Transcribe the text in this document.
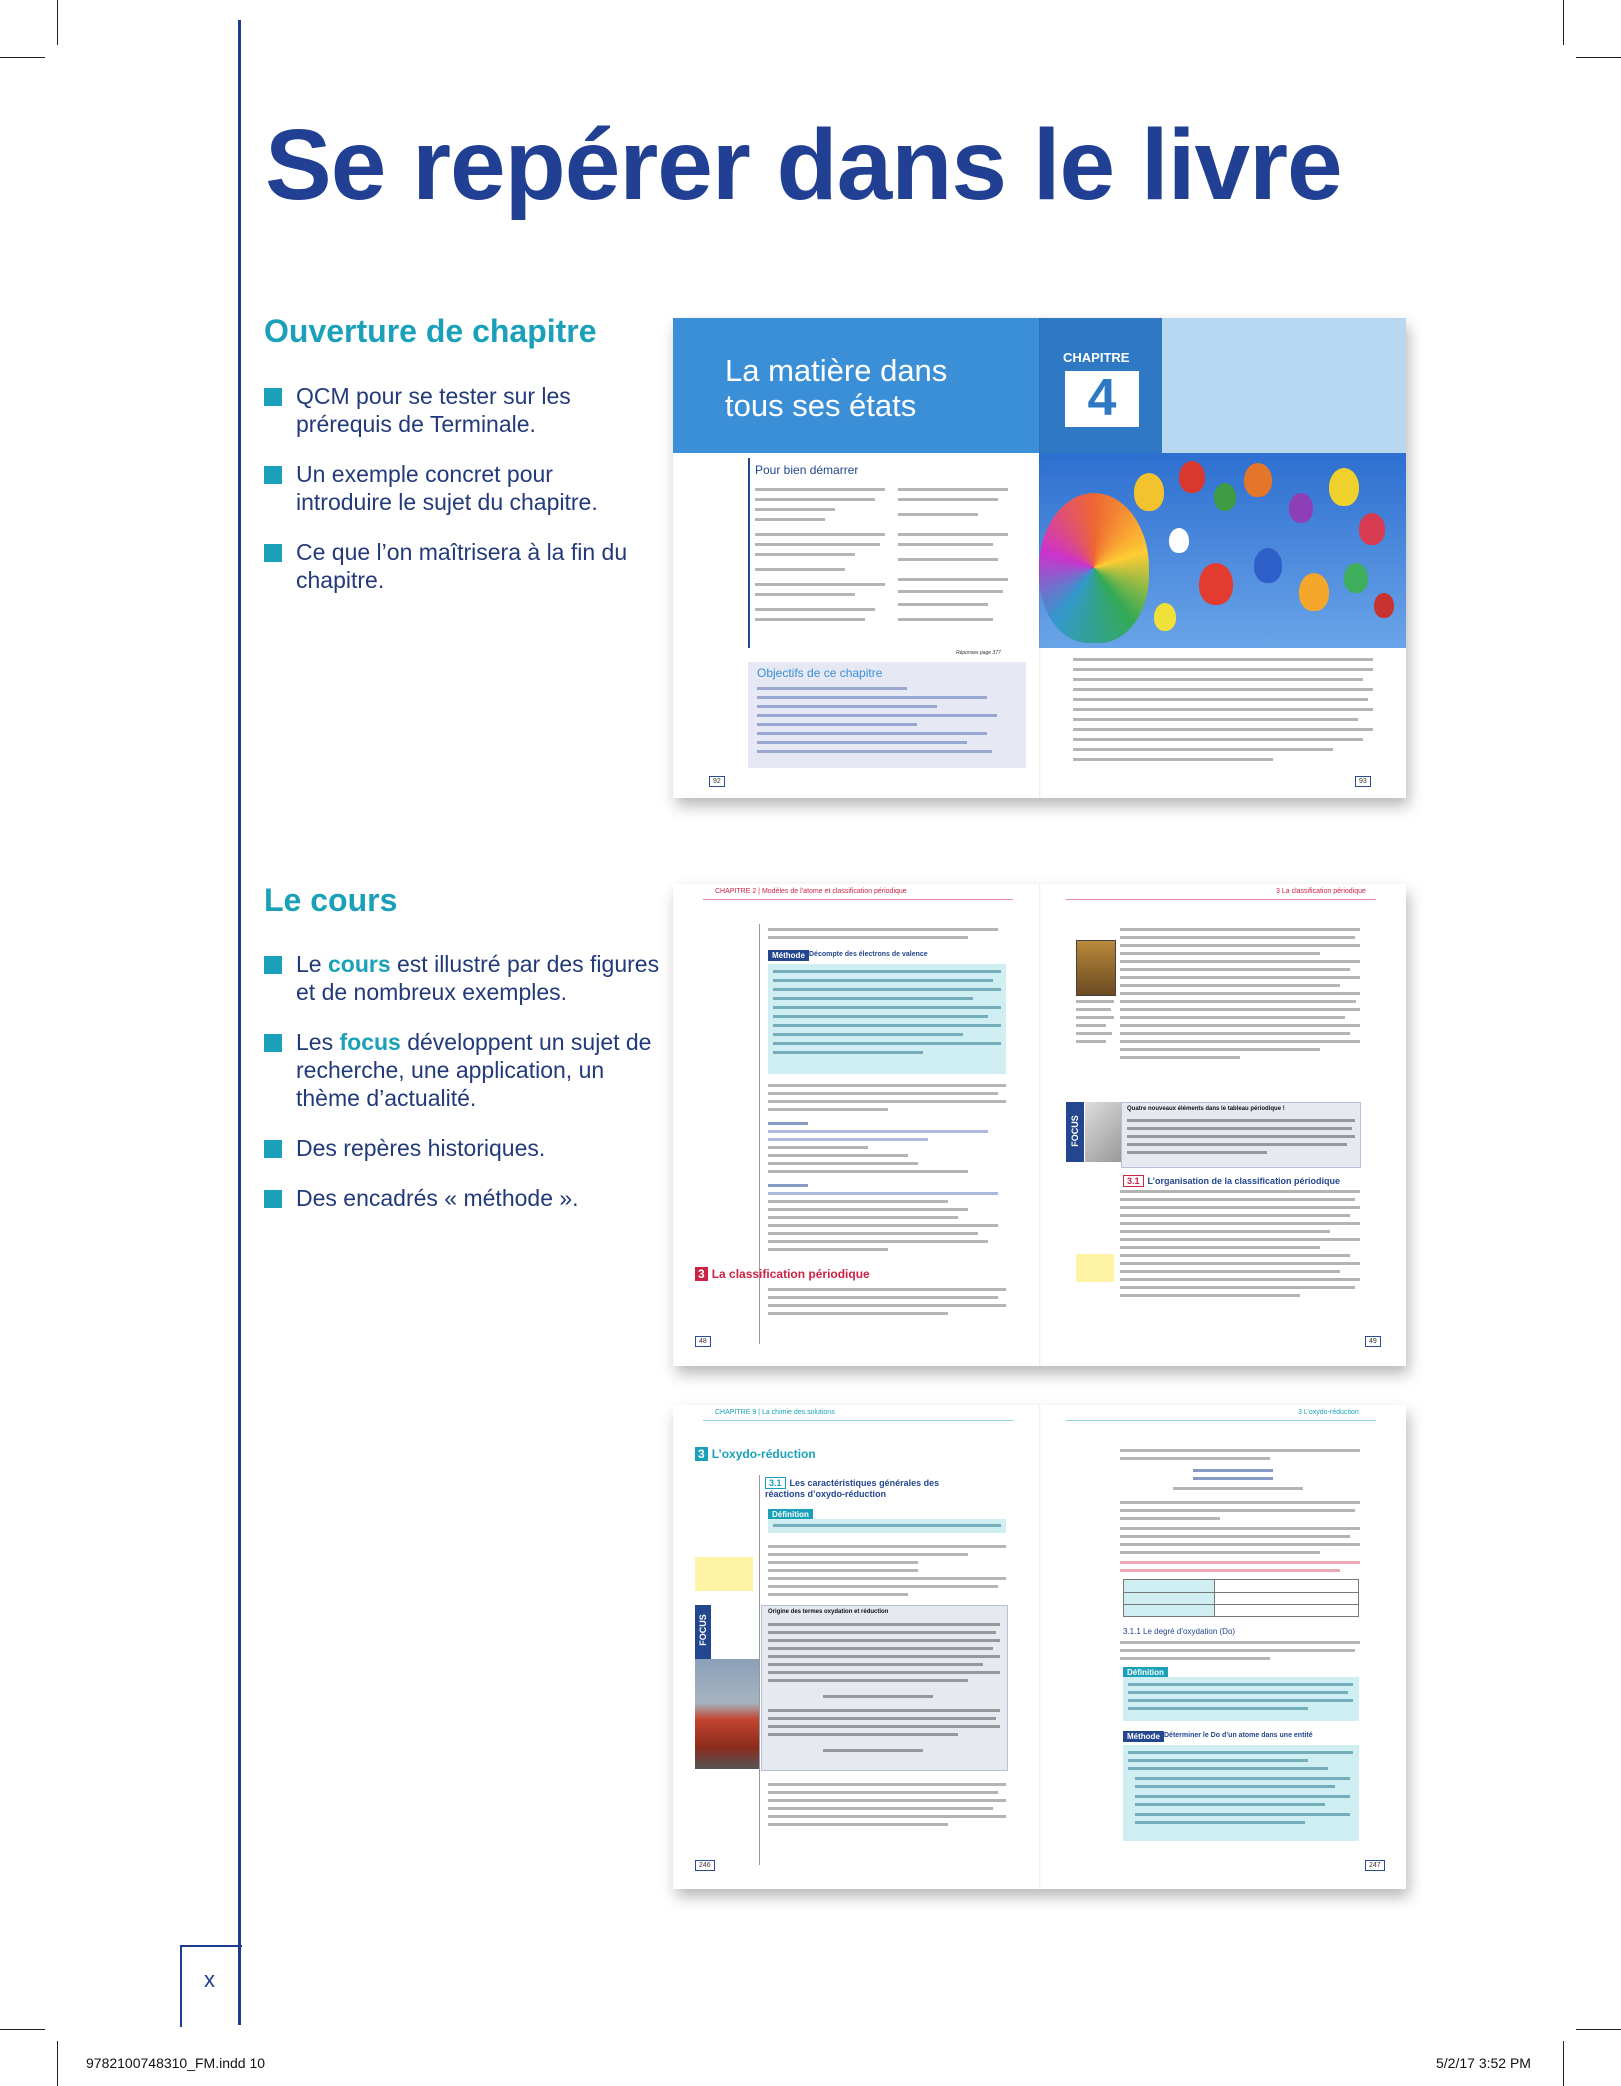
x
Se repérer dans le livre
Ouverture de chapitre
QCM pour se tester sur les prérequis de Terminale.
Un exemple concret pour introduire le sujet du chapitre.
Ce que l’on maîtrisera à la fin du chapitre.
Le cours
Le cours est illustré par des figures et de nombreux exemples.
Les focus développent un sujet de recherche, une application, un thème d’actualité.
Des repères historiques.
Des encadrés « méthode ».
La matière dans tous ses états
CHAPITRE
4
Pour bien démarrer
Réponses page 377
Objectifs de ce chapitre
92	93
CHAPITRE 2 | Modèles de l’atome et classification périodique	3 La classification périodique
Méthode Décompte des électrons de valence
3 La classification périodique
48
FOCUS
Quatre nouveaux éléments dans le tableau périodique !
3.1 L’organisation de la classification périodique
49
CHAPITRE 9 | La chimie des solutions	3 L’oxydo-réduction
3 L’oxydo-réduction
3.1 Les caractéristiques générales des réactions d’oxydo-réduction
Définition
FOCUS
Origine des termes oxydation et réduction
246
3.1.1 Le degré d’oxydation (Do)
Définition
Méthode Déterminer le Do d’un atome dans une entité
247
9782100748310_FM.indd 10	5/2/17 3:52 PM
